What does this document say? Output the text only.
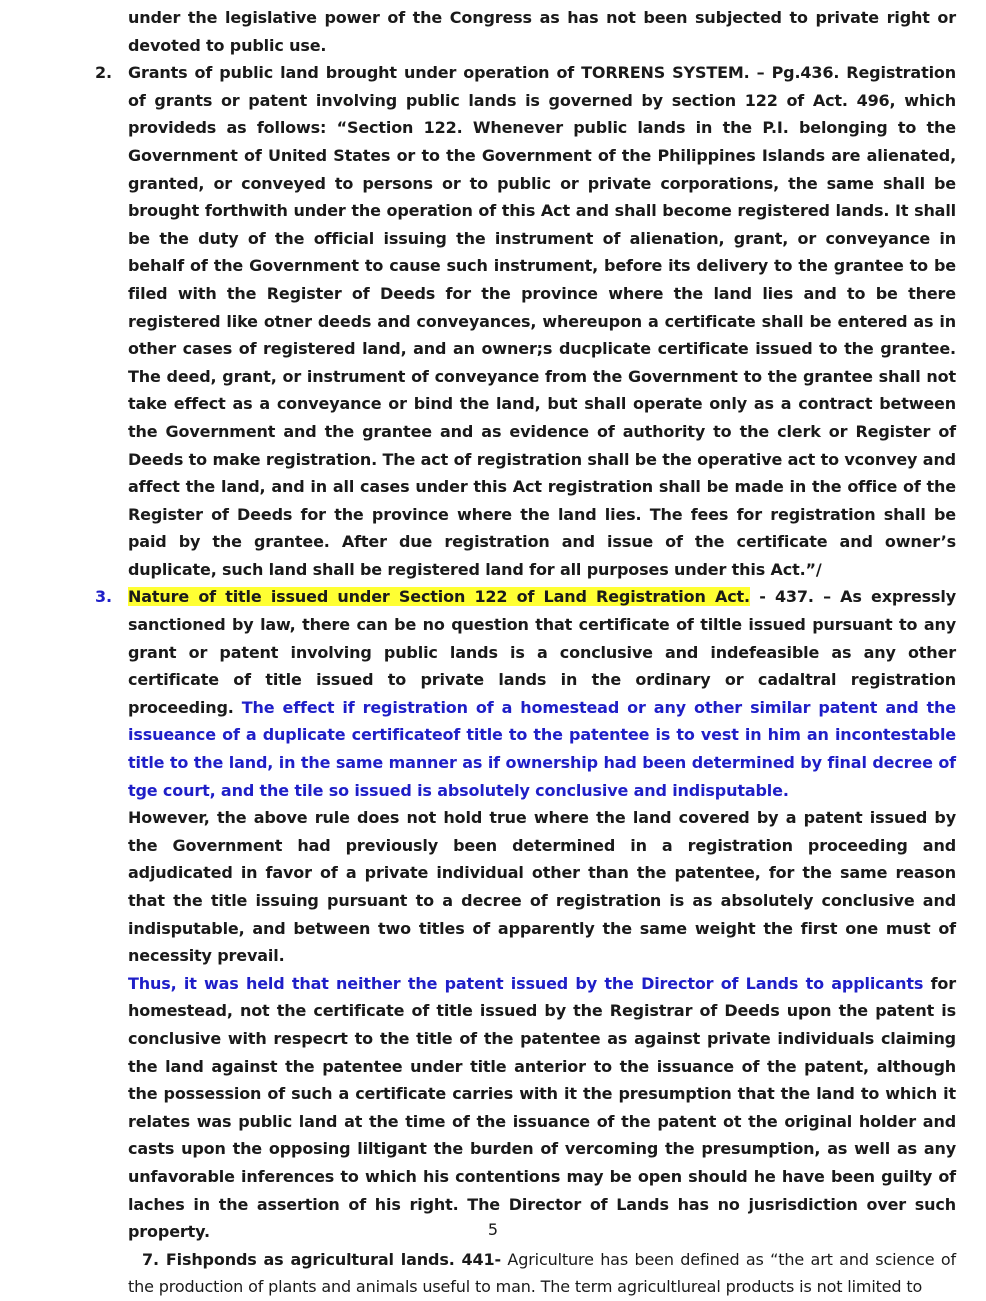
under the legislative power of the Congress as has not been subjected to private right or devoted to public use.

2. Grants of public land brought under operation of TORRENS SYSTEM. – Pg.436. Registration of grants or patent involving public lands is governed by section 122 of Act. 496, which provideds as follows: “Section 122. Whenever public lands in the P.I. belonging to the Government of United States or to the Government of the Philippines Islands are alienated, granted, or conveyed to persons or to public or private corporations, the same shall be brought forthwith under the operation of this Act and shall become registered lands. It shall be the duty of the official issuing the instrument of alienation, grant, or conveyance in behalf of the Government to cause such instrument, before its delivery to the grantee to be filed with the Register of Deeds for the province where the land lies and to be there registered like otner deeds and conveyances, whereupon a certificate shall be entered as in other cases of registered land, and an owner;s ducplicate certificate issued to the grantee. The deed, grant, or instrument of conveyance from the Government to the grantee shall not take effect as a conveyance or bind the land, but shall operate only as a contract between the Government and the grantee and as evidence of authority to the clerk or Register of Deeds to make registration. The act of registration shall be the operative act to vconvey and affect the land, and in all cases under this Act registration shall be made in the office of the Register of Deeds for the province where the land lies. The fees for registration shall be paid by the grantee. After due registration and issue of the certificate and owner’s duplicate, such land shall be registered land for all purposes under this Act.”/

3. Nature of title issued under Section 122 of Land Registration Act. - 437. – As expressly sanctioned by law, there can be no question that certificate of tiltle issued pursuant to any grant or patent involving public lands is a conclusive and indefeasible as any other certificate of title issued to private lands in the ordinary or cadaltral registration proceeding. The effect if registration of a homestead or any other similar patent and the issueance of a duplicate certificateof title to the patentee is to vest in him an incontestable title to the land, in the same manner as if ownership had been determined by final decree of tge court, and the tile so issued is absolutely conclusive and indisputable.

However, the above rule does not hold true where the land covered by a patent issued by the Government had previously been determined in a registration proceeding and adjudicated in favor of a private individual other than the patentee, for the same reason that the title issuing pursuant to a decree of registration is as absolutely conclusive and indisputable, and between two titles of apparently the same weight the first one must of necessity prevail.

Thus, it was held that neither the patent issued by the Director of Lands to applicants for homestead, not the certificate of title issued by the Registrar of Deeds upon the patent is conclusive with respecrt to the title of the patentee as against private individuals claiming the land against the patentee under title anterior to the issuance of the patent, although the possession of such a certificate carries with it the presumption that the land to which it relates was public land at the time of the issuance of the patent ot the original holder and casts upon the opposing liltigant the burden of vercoming the presumption, as well as any unfavorable inferences to which his contentions may be open should he have been guilty of laches in the assertion of his right. The Director of Lands has no jusrisdiction over such property.

7. Fishponds as agricultural lands. 441- Agriculture has been defined as “the art and science of the production of plants and animals useful to man. The term agricultlureal products is not limited to

5
